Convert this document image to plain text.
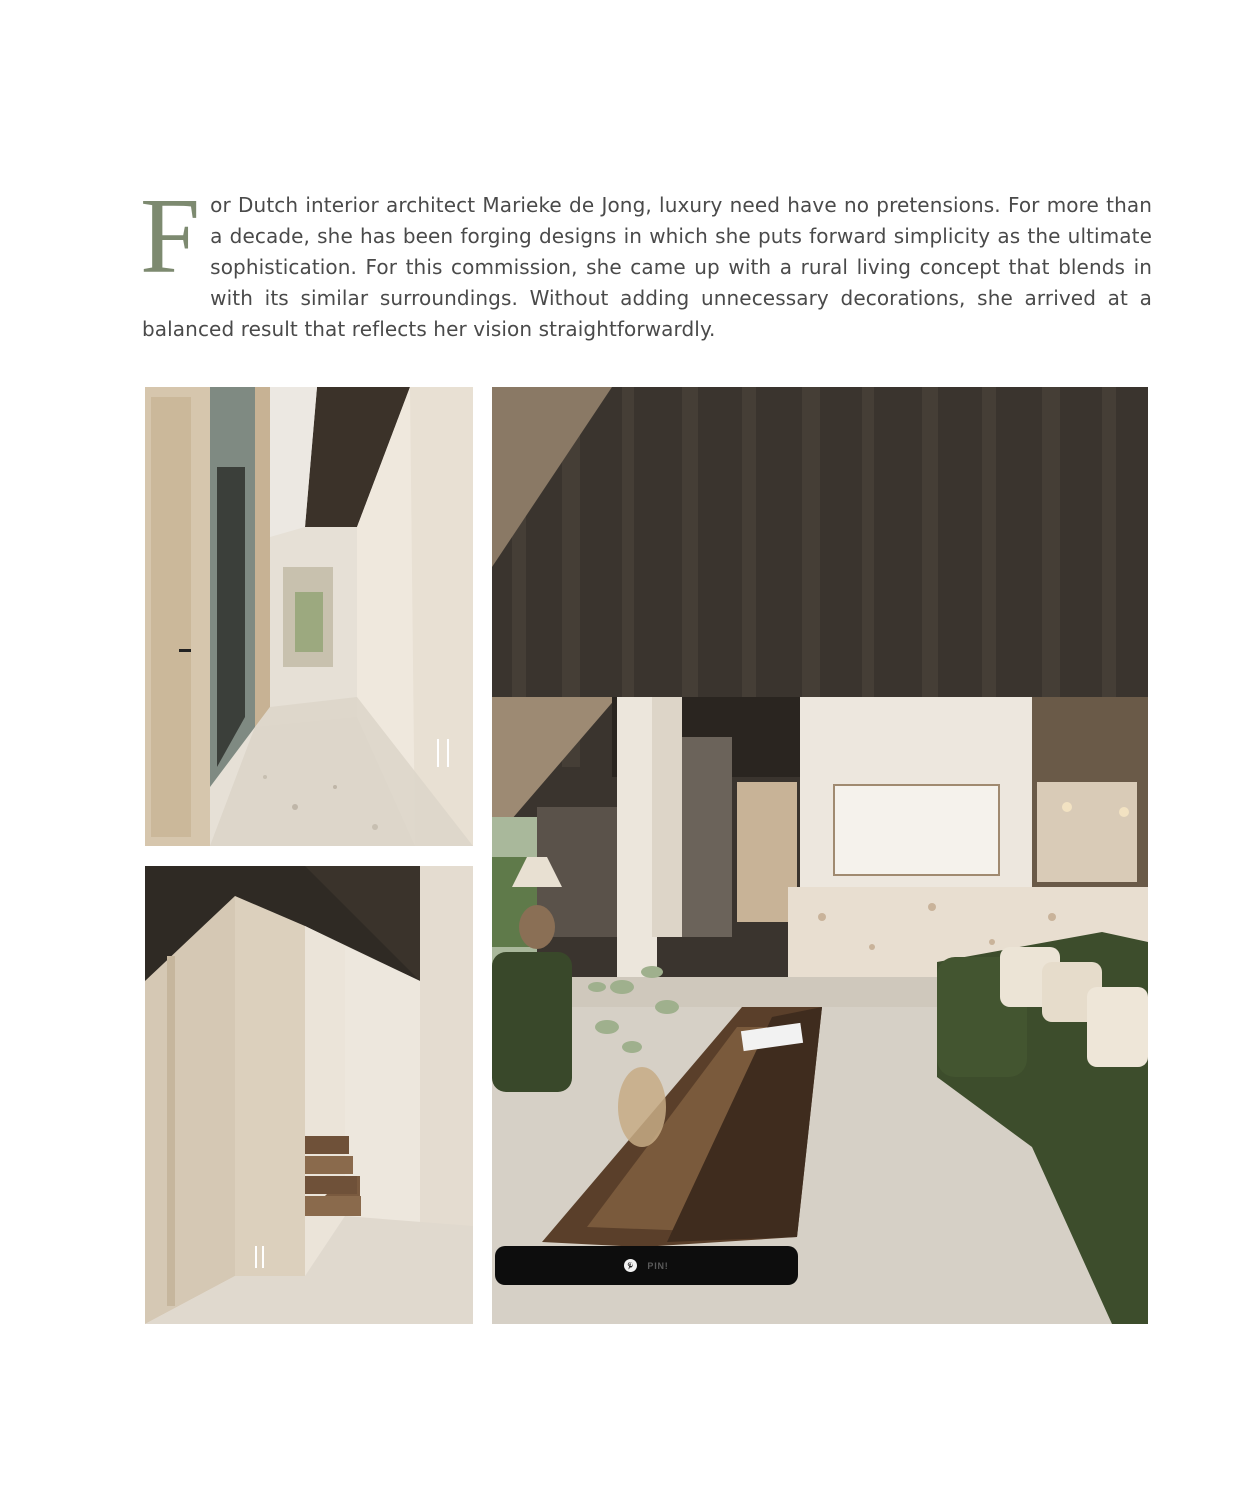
For Dutch interior architect Marieke de Jong, luxury need have no pretensions. For more than a decade, she has been forging designs in which she puts forward simplicity as the ultimate sophistication. For this commission, she came up with a rural living concept that blends in with its similar surroundings. Without adding unnecessary decorations, she arrived at a balanced result that reflects her vision straightforwardly.

PIN!
